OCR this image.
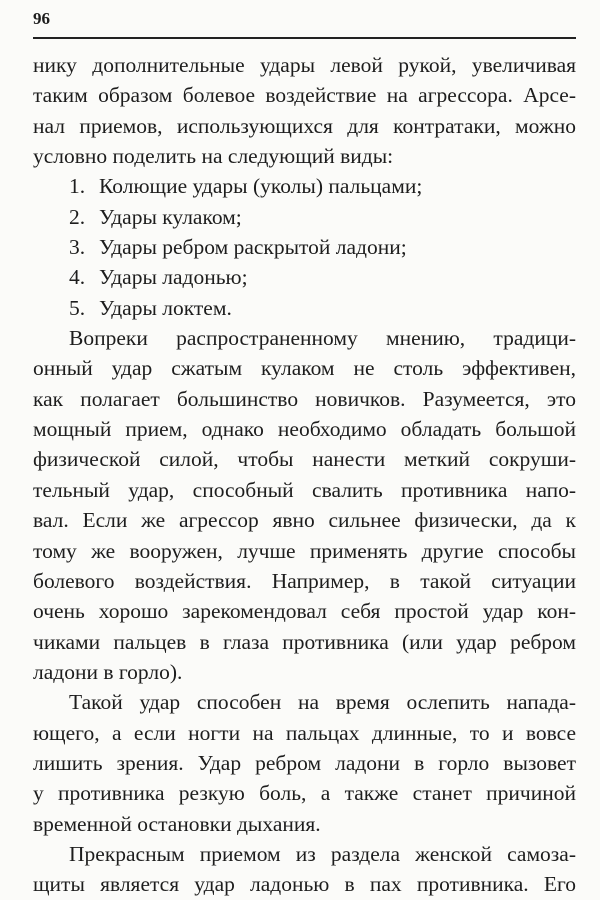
96
нику дополнительные удары левой рукой, увеличивая
таким образом болевое воздействие на агрессора. Арсе-
нал приемов, использующихся для контратаки, можно
условно поделить на следующий виды:
1. Колющие удары (уколы) пальцами;
2. Удары кулаком;
3. Удары ребром раскрытой ладони;
4. Удары ладонью;
5. Удары локтем.
Вопреки распространенному мнению, традици-
онный удар сжатым кулаком не столь эффективен,
как полагает большинство новичков. Разумеется, это
мощный прием, однако необходимо обладать большой
физической силой, чтобы нанести меткий сокруши-
тельный удар, способный свалить противника напо-
вал. Если же агрессор явно сильнее физически, да к
тому же вооружен, лучше применять другие способы
болевого воздействия. Например, в такой ситуации
очень хорошо зарекомендовал себя простой удар кон-
чиками пальцев в глаза противника (или удар ребром
ладони в горло).
Такой удар способен на время ослепить напада-
ющего, а если ногти на пальцах длинные, то и вовсе
лишить зрения. Удар ребром ладони в горло вызовет
у противника резкую боль, а также станет причиной
временной остановки дыхания.
Прекрасным приемом из раздела женской самоза-
щиты является удар ладонью в пах противника. Его
